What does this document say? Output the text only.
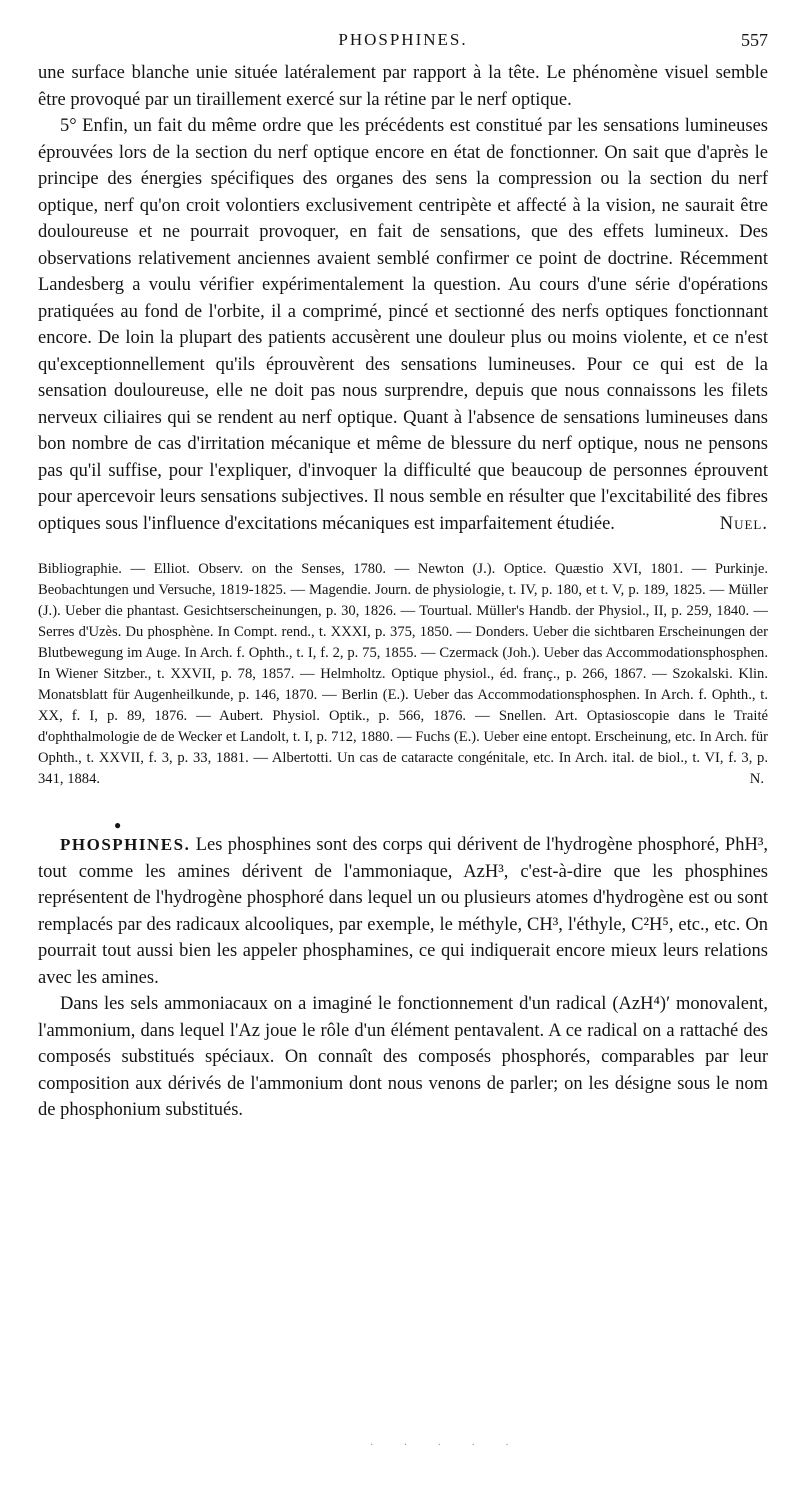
PHOSPHINES.	557

une surface blanche unie située latéralement par rapport à la tête. Le phénomène visuel semble être provoqué par un tiraillement exercé sur la rétine par le nerf optique.

5° Enfin, un fait du même ordre que les précédents est constitué par les sensations lumineuses éprouvées lors de la section du nerf optique encore en état de fonctionner. On sait que d'après le principe des énergies spécifiques des organes des sens la compression ou la section du nerf optique, nerf qu'on croit volontiers exclusivement centripète et affecté à la vision, ne saurait être douloureuse et ne pourrait provoquer, en fait de sensations, que des effets lumineux. Des observations relativement anciennes avaient semblé confirmer ce point de doctrine. Récemment Landesberg a voulu vérifier expérimentalement la question. Au cours d'une série d'opérations pratiquées au fond de l'orbite, il a comprimé, pincé et sectionné des nerfs optiques fonctionnant encore. De loin la plupart des patients accusèrent une douleur plus ou moins violente, et ce n'est qu'exceptionnellement qu'ils éprouvèrent des sensations lumineuses. Pour ce qui est de la sensation douloureuse, elle ne doit pas nous surprendre, depuis que nous connaissons les filets nerveux ciliaires qui se rendent au nerf optique. Quant à l'absence de sensations lumineuses dans bon nombre de cas d'irritation mécanique et même de blessure du nerf optique, nous ne pensons pas qu'il suffise, pour l'expliquer, d'invoquer la difficulté que beaucoup de personnes éprouvent pour apercevoir leurs sensations subjectives. Il nous semble en résulter que l'excitabilité des fibres optiques sous l'influence d'excitations mécaniques est imparfaitement étudiée.	Nuel.

Bibliographie. — Elliot. Observ. on the Senses, 1780. — Newton (J.). Optice. Quæstio XVI, 1801. — Purkinje. Beobachtungen und Versuche, 1819-1825. — Magendie. Journ. de physiologie, t. IV, p. 180, et t. V, p. 189, 1825. — Müller (J.). Ueber die phantast. Gesichtserscheinungen, p. 30, 1826. — Tourtual. Müller's Handb. der Physiol., II, p. 259, 1840. — Serres d'Uzès. Du phosphène. In Compt. rend., t. XXXI, p. 375, 1850. — Donders. Ueber die sichtbaren Erscheinungen der Blutbewegung im Auge. In Arch. f. Ophth., t. I, f. 2, p. 75, 1855. — Czermack (Joh.). Ueber das Accommodationsphosphen. In Wiener Sitzber., t. XXVII, p. 78, 1857. — Helmholtz. Optique physiol., éd. franç., p. 266, 1867. — Szokalski. Klin. Monatsblatt für Augenheilkunde, p. 146, 1870. — Berlin (E.). Ueber das Accommodationsphosphen. In Arch. f. Ophth., t. XX, f. I, p. 89, 1876. — Aubert. Physiol. Optik., p. 566, 1876. — Snellen. Art. Optasioscopie dans le Traité d'ophthalmologie de de Wecker et Landolt, t. I, p. 712, 1880. — Fuchs (E.). Ueber eine entopt. Erscheinung, etc. In Arch. für Ophth., t. XXVII, f. 3, p. 33, 1881. — Albertotti. Un cas de cataracte congénitale, etc. In Arch. ital. de biol., t. VI, f. 3, p. 341, 1884.	N.
●

PHOSPHINES. Les phosphines sont des corps qui dérivent de l'hydrogène phosphoré, PhH³, tout comme les amines dérivent de l'ammoniaque, AzH³, c'est-à-dire que les phosphines représentent de l'hydrogène phosphoré dans lequel un ou plusieurs atomes d'hydrogène est ou sont remplacés par des radicaux alcooliques, par exemple, le méthyle, CH³, l'éthyle, C²H⁵, etc., etc. On pourrait tout aussi bien les appeler phosphamines, ce qui indiquerait encore mieux leurs relations avec les amines.

Dans les sels ammoniacaux on a imaginé le fonctionnement d'un radical (AzH⁴)′ monovalent, l'ammonium, dans lequel l'Az joue le rôle d'un élément pentavalent. A ce radical on a rattaché des composés substitués spéciaux. On connaît des composés phosphorés, comparables par leur composition aux dérivés de l'ammonium dont nous venons de parler; on les désigne sous le nom de phosphonium substitués.

· · · · ·
